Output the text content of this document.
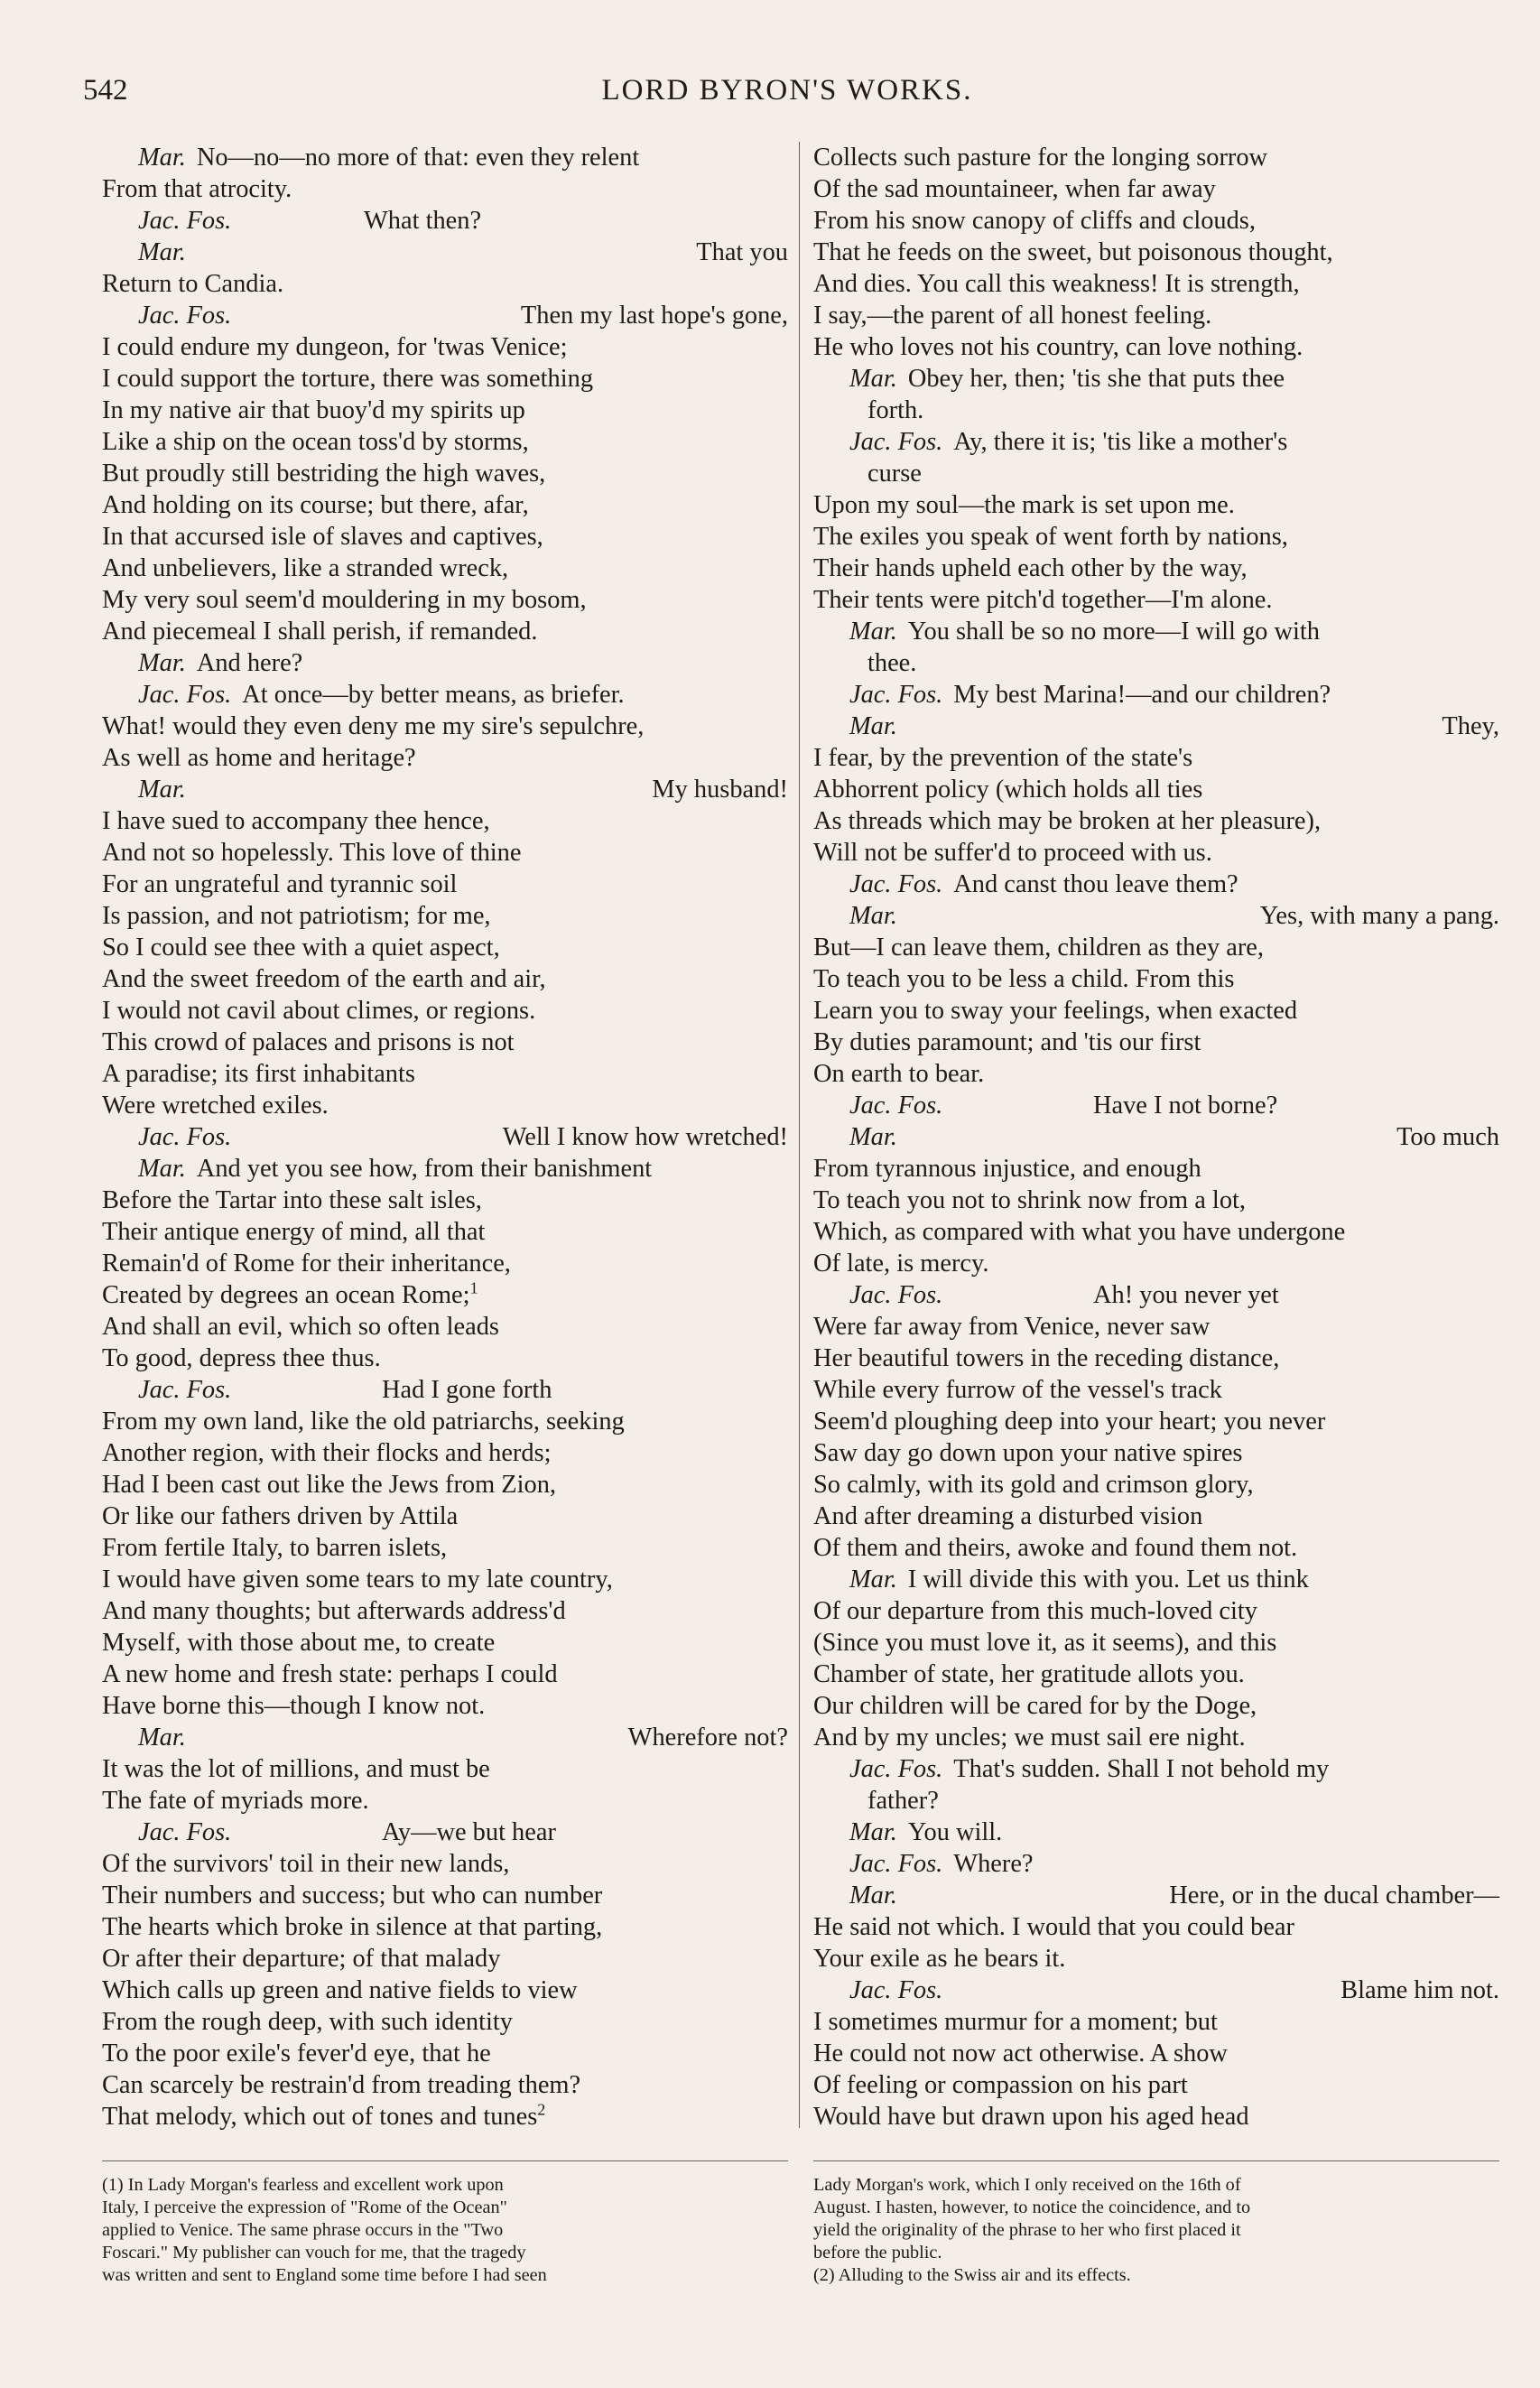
542	LORD BYRON'S WORKS.
Mar. No—no—no more of that: even they relent
From that atrocity.
Jac. Fos.	What then?
Mar.	That you
Return to Candia.
Jac. Fos.	Then my last hope's gone,
I could endure my dungeon, for 'twas Venice;
I could support the torture, there was something
In my native air that buoy'd my spirits up
Like a ship on the ocean toss'd by storms,
But proudly still bestriding the high waves,
And holding on its course; but there, afar,
In that accursed isle of slaves and captives,
And unbelievers, like a stranded wreck,
My very soul seem'd mouldering in my bosom,
And piecemeal I shall perish, if remanded.
Mar. And here?
Jac. Fos. At once—by better means, as briefer.
What! would they even deny me my sire's sepulchre,
As well as home and heritage?
Mar.	My husband!
I have sued to accompany thee hence,
And not so hopelessly. This love of thine
For an ungrateful and tyrannic soil
Is passion, and not patriotism; for me,
So I could see thee with a quiet aspect,
And the sweet freedom of the earth and air,
I would not cavil about climes, or regions.
This crowd of palaces and prisons is not
A paradise; its first inhabitants
Were wretched exiles.
Jac. Fos.	Well I know how wretched!
Mar. And yet you see how, from their banishment
Before the Tartar into these salt isles,
Their antique energy of mind, all that
Remain'd of Rome for their inheritance,
Created by degrees an ocean Rome;$^1$
And shall an evil, which so often leads
To good, depress thee thus.
Jac. Fos.	Had I gone forth
From my own land, like the old patriarchs, seeking
Another region, with their flocks and herds;
Had I been cast out like the Jews from Zion,
Or like our fathers driven by Attila
From fertile Italy, to barren islets,
I would have given some tears to my late country,
And many thoughts; but afterwards address'd
Myself, with those about me, to create
A new home and fresh state: perhaps I could
Have borne this—though I know not.
Mar.	Wherefore not?
It was the lot of millions, and must be
The fate of myriads more.
Jac. Fos.	Ay—we but hear
Of the survivors' toil in their new lands,
Their numbers and success; but who can number
The hearts which broke in silence at that parting,
Or after their departure; of that malady
Which calls up green and native fields to view
From the rough deep, with such identity
To the poor exile's fever'd eye, that he
Can scarcely be restrain'd from treading them?
That melody, which out of tones and tunes$^2$
Collects such pasture for the longing sorrow
Of the sad mountaineer, when far away
From his snow canopy of cliffs and clouds,
That he feeds on the sweet, but poisonous thought,
And dies. You call this weakness! It is strength,
I say,—the parent of all honest feeling.
He who loves not his country, can love nothing.
Mar. Obey her, then; 'tis she that puts thee
forth.
Jac. Fos. Ay, there it is; 'tis like a mother's
curse
Upon my soul—the mark is set upon me.
The exiles you speak of went forth by nations,
Their hands upheld each other by the way,
Their tents were pitch'd together—I'm alone.
Mar. You shall be so no more—I will go with
thee.
Jac. Fos. My best Marina!—and our children?
Mar.	They,
I fear, by the prevention of the state's
Abhorrent policy (which holds all ties
As threads which may be broken at her pleasure),
Will not be suffer'd to proceed with us.
Jac. Fos. And canst thou leave them?
Mar.	Yes, with many a pang.
But—I can leave them, children as they are,
To teach you to be less a child. From this
Learn you to sway your feelings, when exacted
By duties paramount; and 'tis our first
On earth to bear.
Jac. Fos.	Have I not borne?
Mar.	Too much
From tyrannous injustice, and enough
To teach you not to shrink now from a lot,
Which, as compared with what you have undergone
Of late, is mercy.
Jac. Fos.	Ah! you never yet
Were far away from Venice, never saw
Her beautiful towers in the receding distance,
While every furrow of the vessel's track
Seem'd ploughing deep into your heart; you never
Saw day go down upon your native spires
So calmly, with its gold and crimson glory,
And after dreaming a disturbed vision
Of them and theirs, awoke and found them not.
Mar. I will divide this with you. Let us think
Of our departure from this much-loved city
(Since you must love it, as it seems), and this
Chamber of state, her gratitude allots you.
Our children will be cared for by the Doge,
And by my uncles; we must sail ere night.
Jac. Fos. That's sudden. Shall I not behold my
father?
Mar. You will.
Jac. Fos. Where?
Mar.	Here, or in the ducal chamber—
He said not which. I would that you could bear
Your exile as he bears it.
Jac. Fos.	Blame him not.
I sometimes murmur for a moment; but
He could not now act otherwise. A show
Of feeling or compassion on his part
Would have but drawn upon his aged head
(1) In Lady Morgan's fearless and excellent work upon
Italy, I perceive the expression of "Rome of the Ocean"
applied to Venice. The same phrase occurs in the "Two
Foscari." My publisher can vouch for me, that the tragedy
was written and sent to England some time before I had seen
Lady Morgan's work, which I only received on the 16th of
August. I hasten, however, to notice the coincidence, and to
yield the originality of the phrase to her who first placed it
before the public.
(2) Alluding to the Swiss air and its effects.
